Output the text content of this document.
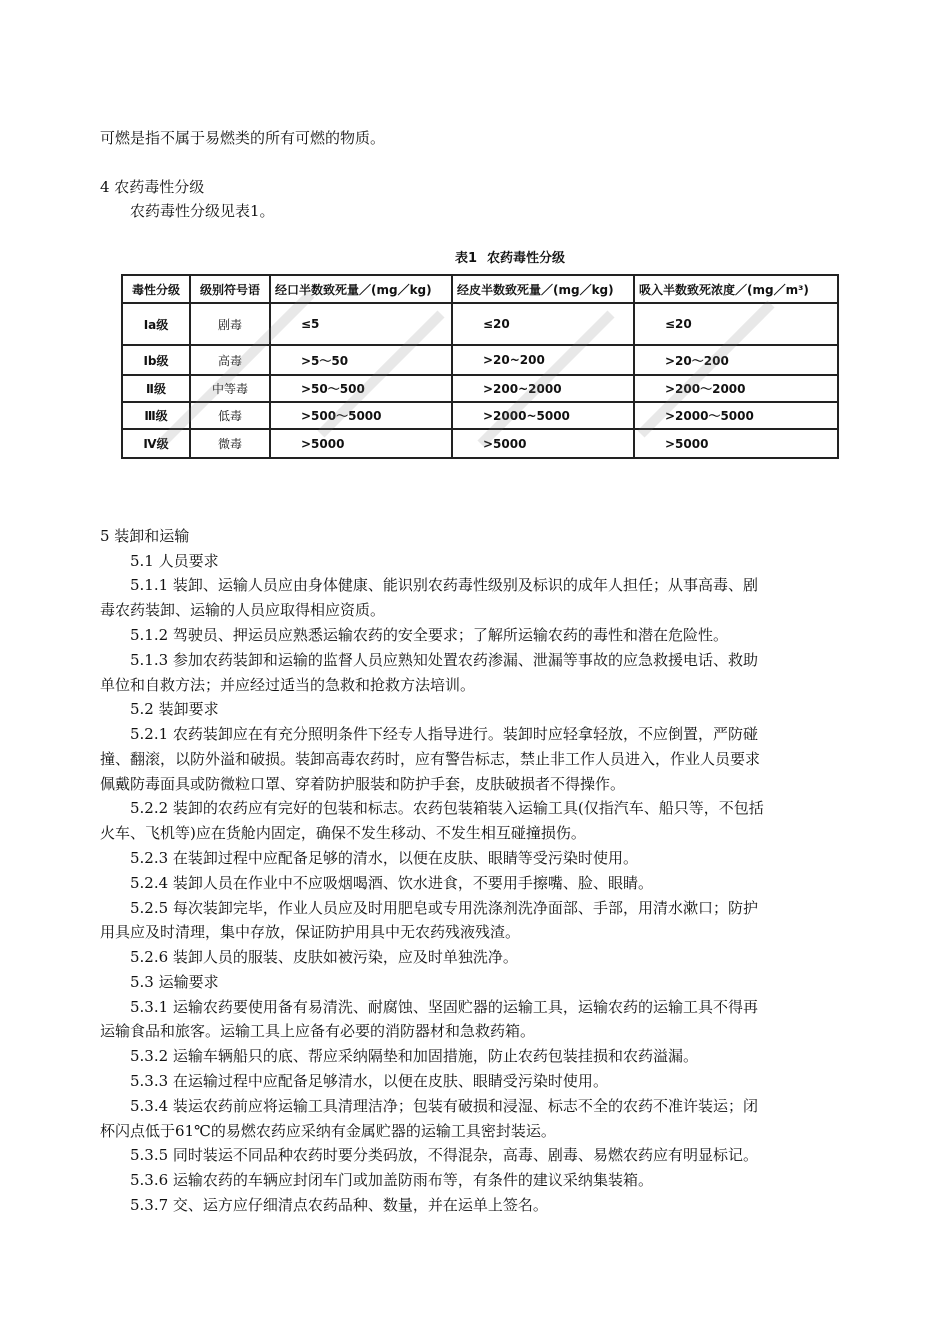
可燃是指不属于易燃类的所有可燃的物质。
4 农药毒性分级
农药毒性分级见表1。
表1 农药毒性分级
毒性分级	级别符号语	经口半数致死量／(mg／kg)	经皮半数致死量／(mg／kg)	吸入半数致死浓度／(mg／m³)
Ⅰa级	剧毒	≤5	≤20	≤20
Ⅰb级	高毒	>5～50	>20~200	>20～200
Ⅱ级	中等毒	>50～500	>200~2000	>200～2000
Ⅲ级	低毒	>500～5000	>2000~5000	>2000～5000
Ⅳ级	微毒	>5000	>5000	>5000
5 装卸和运输
5.1 人员要求
5.1.1 装卸、运输人员应由身体健康、能识别农药毒性级别及标识的成年人担任；从事高毒、剧
毒农药装卸、运输的人员应取得相应资质。
5.1.2 驾驶员、押运员应熟悉运输农药的安全要求；了解所运输农药的毒性和潜在危险性。
5.1.3 参加农药装卸和运输的监督人员应熟知处置农药渗漏、泄漏等事故的应急救援电话、救助
单位和自救方法；并应经过适当的急救和抢救方法培训。
5.2 装卸要求
5.2.1 农药装卸应在有充分照明条件下经专人指导进行。装卸时应轻拿轻放，不应倒置，严防碰
撞、翻滚，以防外溢和破损。装卸高毒农药时，应有警告标志，禁止非工作人员进入，作业人员要求
佩戴防毒面具或防微粒口罩、穿着防护服装和防护手套，皮肤破损者不得操作。
5.2.2 装卸的农药应有完好的包装和标志。农药包装箱装入运输工具(仅指汽车、船只等，不包括
火车、飞机等)应在货舱内固定，确保不发生移动、不发生相互碰撞损伤。
5.2.3 在装卸过程中应配备足够的清水，以便在皮肤、眼睛等受污染时使用。
5.2.4 装卸人员在作业中不应吸烟喝酒、饮水进食，不要用手擦嘴、脸、眼睛。
5.2.5 每次装卸完毕，作业人员应及时用肥皂或专用洗涤剂洗净面部、手部，用清水漱口；防护
用具应及时清理，集中存放，保证防护用具中无农药残液残渣。
5.2.6 装卸人员的服装、皮肤如被污染，应及时单独洗净。
5.3 运输要求
5.3.1 运输农药要使用备有易清洗、耐腐蚀、坚固贮器的运输工具，运输农药的运输工具不得再
运输食品和旅客。运输工具上应备有必要的消防器材和急救药箱。
5.3.2 运输车辆船只的底、帮应采纳隔垫和加固措施，防止农药包装挂损和农药溢漏。
5.3.3 在运输过程中应配备足够清水，以便在皮肤、眼睛受污染时使用。
5.3.4 装运农药前应将运输工具清理洁净；包装有破损和浸湿、标志不全的农药不准许装运；闭
杯闪点低于61℃的易燃农药应采纳有金属贮器的运输工具密封装运。
5.3.5 同时装运不同品种农药时要分类码放，不得混杂，高毒、剧毒、易燃农药应有明显标记。
5.3.6 运输农药的车辆应封闭车门或加盖防雨布等，有条件的建议采纳集装箱。
5.3.7 交、运方应仔细清点农药品种、数量，并在运单上签名。
